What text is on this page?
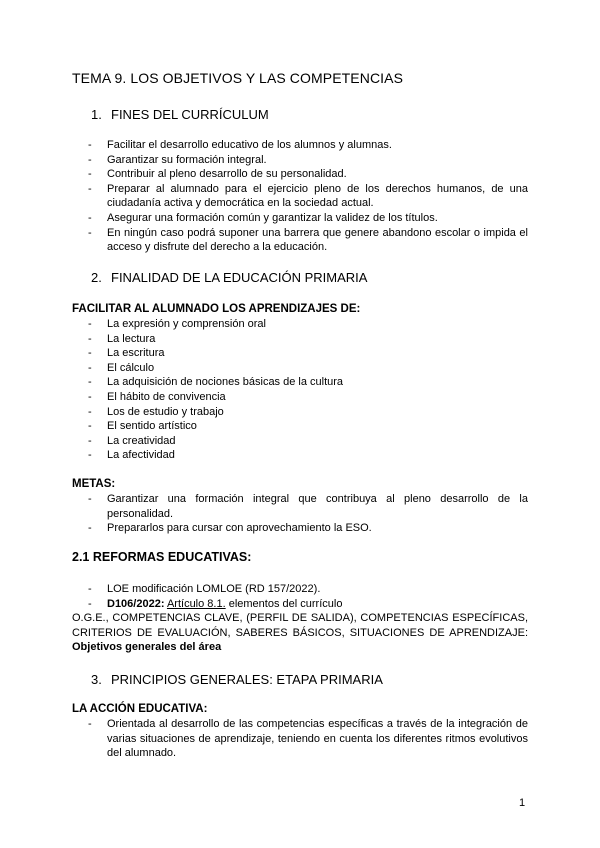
TEMA 9. LOS OBJETIVOS Y LAS COMPETENCIAS
1. FINES DEL CURRÍCULUM
- Facilitar el desarrollo educativo de los alumnos y alumnas.
- Garantizar su formación integral.
- Contribuir al pleno desarrollo de su personalidad.
- Preparar al alumnado para el ejercicio pleno de los derechos humanos, de una ciudadanía activa y democrática en la sociedad actual.
- Asegurar una formación común y garantizar la validez de los títulos.
- En ningún caso podrá suponer una barrera que genere abandono escolar o impida el acceso y disfrute del derecho a la educación.
2. FINALIDAD DE LA EDUCACIÓN PRIMARIA
FACILITAR AL ALUMNADO LOS APRENDIZAJES DE:
- La expresión y comprensión oral
- La lectura
- La escritura
- El cálculo
- La adquisición de nociones básicas de la cultura
- El hábito de convivencia
- Los de estudio y trabajo
- El sentido artístico
- La creatividad
- La afectividad
METAS:
- Garantizar una formación integral que contribuya al pleno desarrollo de la personalidad.
- Prepararlos para cursar con aprovechamiento la ESO.
2.1 REFORMAS EDUCATIVAS:
- LOE modificación LOMLOE (RD 157/2022).
- D106/2022: Artículo 8.1. elementos del currículo
O.G.E., COMPETENCIAS CLAVE, (PERFIL DE SALIDA), COMPETENCIAS ESPECÍFICAS, CRITERIOS DE EVALUACIÓN, SABERES BÁSICOS, SITUACIONES DE APRENDIZAJE: Objetivos generales del área
3. PRINCIPIOS GENERALES: ETAPA PRIMARIA
LA ACCIÓN EDUCATIVA:
- Orientada al desarrollo de las competencias específicas a través de la integración de varias situaciones de aprendizaje, teniendo en cuenta los diferentes ritmos evolutivos del alumnado.
1
